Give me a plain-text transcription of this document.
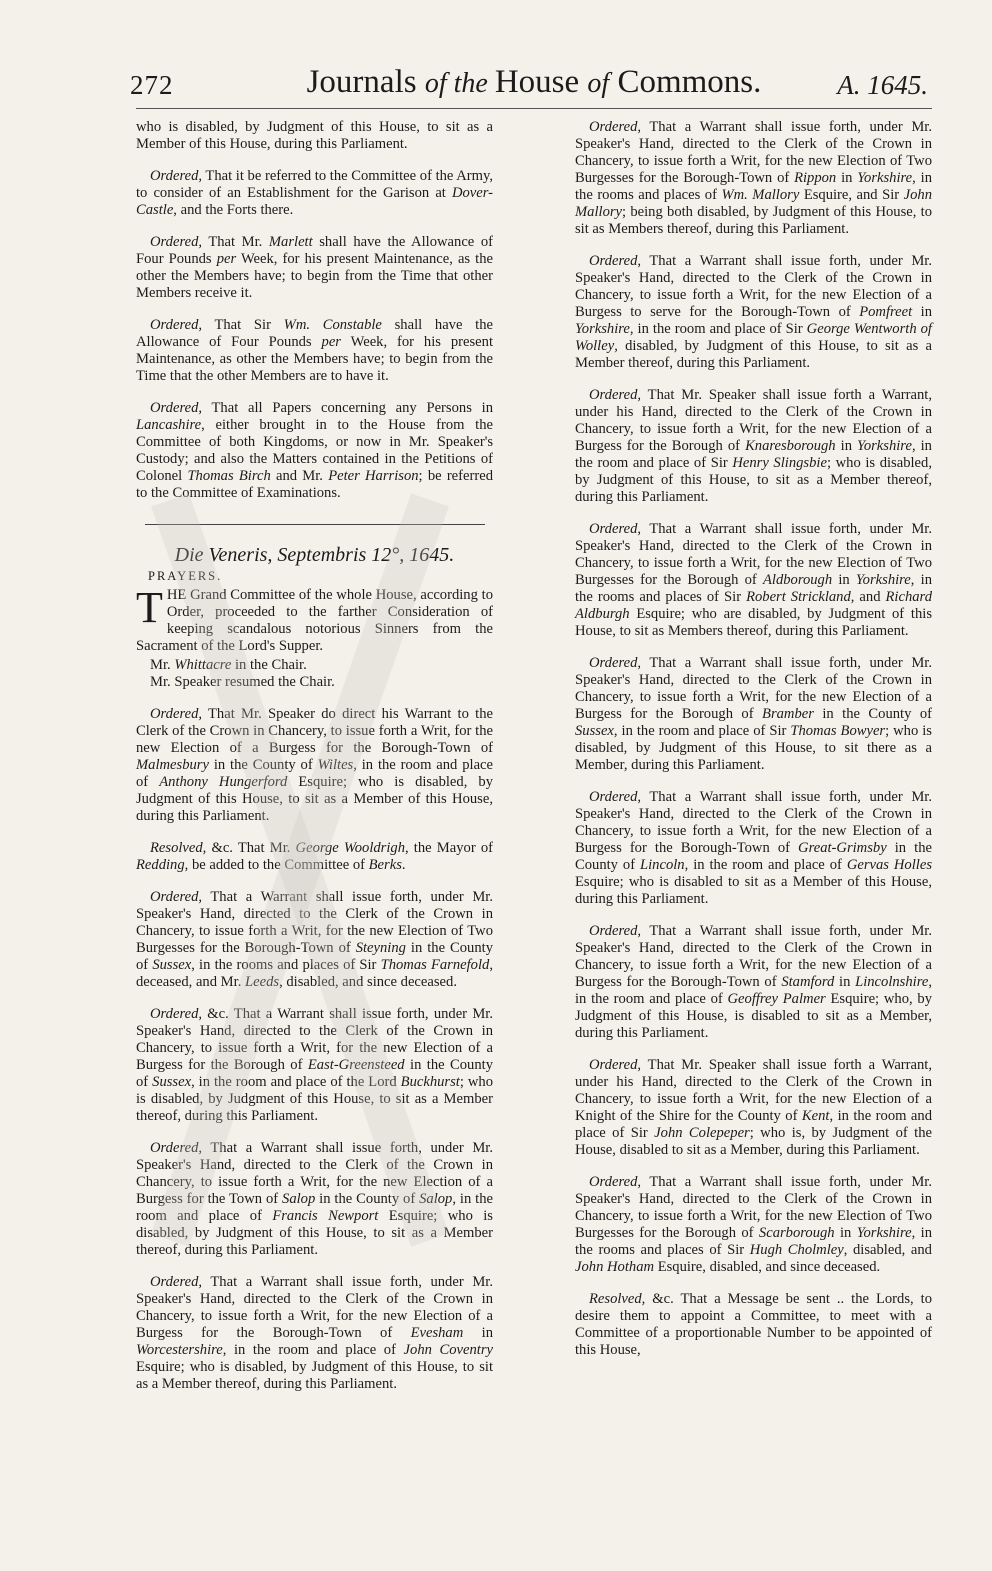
272	Journals of the House of Commons.	A. 1645.

who is disabled, by Judgment of this House, to sit as a Member of this House, during this Parliament.

Ordered, That it be referred to the Committee of the Army, to consider of an Establishment for the Garison at Dover-Castle, and the Forts there.

Ordered, That Mr. Marlett shall have the Allowance of Four Pounds per Week, for his present Maintenance, as the other the Members have; to begin from the Time that other Members receive it.

Ordered, That Sir Wm. Constable shall have the Allowance of Four Pounds per Week, for his present Maintenance, as other the Members have; to begin from the Time that the other Members are to have it.

Ordered, That all Papers concerning any Persons in Lancashire, either brought in to the House from the Committee of both Kingdoms, or now in Mr. Speaker's Custody; and also the Matters contained in the Petitions of Colonel Thomas Birch and Mr. Peter Harrison; be referred to the Committee of Examinations.

Die Veneris, Septembris 12°, 1645.
PRAYERS.

THE Grand Committee of the whole House, according to Order, proceeded to the farther Consideration of keeping scandalous notorious Sinners from the Sacrament of the Lord's Supper.

Mr. Whittacre in the Chair.

Mr. Speaker resumed the Chair.

Ordered, That Mr. Speaker do direct his Warrant to the Clerk of the Crown in Chancery, to issue forth a Writ, for the new Election of a Burgess for the Borough-Town of Malmesbury in the County of Wiltes, in the room and place of Anthony Hungerford Esquire; who is disabled, by Judgment of this House, to sit as a Member of this House, during this Parliament.

Resolved, &c. That Mr. George Wooldrigh, the Mayor of Redding, be added to the Committee of Berks.

Ordered, That a Warrant shall issue forth, under Mr. Speaker's Hand, directed to the Clerk of the Crown in Chancery, to issue forth a Writ, for the new Election of Two Burgesses for the Borough-Town of Steyning in the County of Sussex, in the rooms and places of Sir Thomas Farnefold, deceased, and Mr. Leeds, disabled, and since deceased.

Ordered, &c. That a Warrant shall issue forth, under Mr. Speaker's Hand, directed to the Clerk of the Crown in Chancery, to issue forth a Writ, for the new Election of a Burgess for the Borough of East-Greensteed in the County of Sussex, in the room and place of the Lord Buckhurst; who is disabled, by Judgment of this House, to sit as a Member thereof, during this Parliament.

Ordered, That a Warrant shall issue forth, under Mr. Speaker's Hand, directed to the Clerk of the Crown in Chancery, to issue forth a Writ, for the new Election of a Burgess for the Town of Salop in the County of Salop, in the room and place of Francis Newport Esquire; who is disabled, by Judgment of this House, to sit as a Member thereof, during this Parliament.

Ordered, That a Warrant shall issue forth, under Mr. Speaker's Hand, directed to the Clerk of the Crown in Chancery, to issue forth a Writ, for the new Election of a Burgess for the Borough-Town of Evesham in Worcestershire, in the room and place of John Coventry Esquire; who is disabled, by Judgment of this House, to sit as a Member thereof, during this Parliament.

Ordered, That a Warrant shall issue forth, under Mr. Speaker's Hand, directed to the Clerk of the Crown in Chancery, to issue forth a Writ, for the new Election of Two Burgesses for the Borough-Town of Rippon in Yorkshire, in the rooms and places of Wm. Mallory Esquire, and Sir John Mallory; being both disabled, by Judgment of this House, to sit as Members thereof, during this Parliament.

Ordered, That a Warrant shall issue forth, under Mr. Speaker's Hand, directed to the Clerk of the Crown in Chancery, to issue forth a Writ, for the new Election of a Burgess to serve for the Borough-Town of Pomfreet in Yorkshire, in the room and place of Sir George Wentworth of Wolley, disabled, by Judgment of this House, to sit as a Member thereof, during this Parliament.

Ordered, That Mr. Speaker shall issue forth a Warrant, under his Hand, directed to the Clerk of the Crown in Chancery, to issue forth a Writ, for the new Election of a Burgess for the Borough of Knaresborough in Yorkshire, in the room and place of Sir Henry Slingsbie; who is disabled, by Judgment of this House, to sit as a Member thereof, during this Parliament.

Ordered, That a Warrant shall issue forth, under Mr. Speaker's Hand, directed to the Clerk of the Crown in Chancery, to issue forth a Writ, for the new Election of Two Burgesses for the Borough of Aldborough in Yorkshire, in the rooms and places of Sir Robert Strickland, and Richard Aldburgh Esquire; who are disabled, by Judgment of this House, to sit as Members thereof, during this Parliament.

Ordered, That a Warrant shall issue forth, under Mr. Speaker's Hand, directed to the Clerk of the Crown in Chancery, to issue forth a Writ, for the new Election of a Burgess for the Borough of Bramber in the County of Sussex, in the room and place of Sir Thomas Bowyer; who is disabled, by Judgment of this House, to sit there as a Member, during this Parliament.

Ordered, That a Warrant shall issue forth, under Mr. Speaker's Hand, directed to the Clerk of the Crown in Chancery, to issue forth a Writ, for the new Election of a Burgess for the Borough-Town of Great-Grimsby in the County of Lincoln, in the room and place of Gervas Holles Esquire; who is disabled to sit as a Member of this House, during this Parliament.

Ordered, That a Warrant shall issue forth, under Mr. Speaker's Hand, directed to the Clerk of the Crown in Chancery, to issue forth a Writ, for the new Election of a Burgess for the Borough-Town of Stamford in Lincolnshire, in the room and place of Geoffrey Palmer Esquire; who, by Judgment of this House, is disabled to sit as a Member, during this Parliament.

Ordered, That Mr. Speaker shall issue forth a Warrant, under his Hand, directed to the Clerk of the Crown in Chancery, to issue forth a Writ, for the new Election of a Knight of the Shire for the County of Kent, in the room and place of Sir John Colepeper; who is, by Judgment of the House, disabled to sit as a Member, during this Parliament.

Ordered, That a Warrant shall issue forth, under Mr. Speaker's Hand, directed to the Clerk of the Crown in Chancery, to issue forth a Writ, for the new Election of Two Burgesses for the Borough of Scarborough in Yorkshire, in the rooms and places of Sir Hugh Cholmley, disabled, and John Hotham Esquire, disabled, and since deceased.

Resolved, &c. That a Message be sent .. the Lords, to desire them to appoint a Committee, to meet with a Committee of a proportionable Number to be appointed of this House,
